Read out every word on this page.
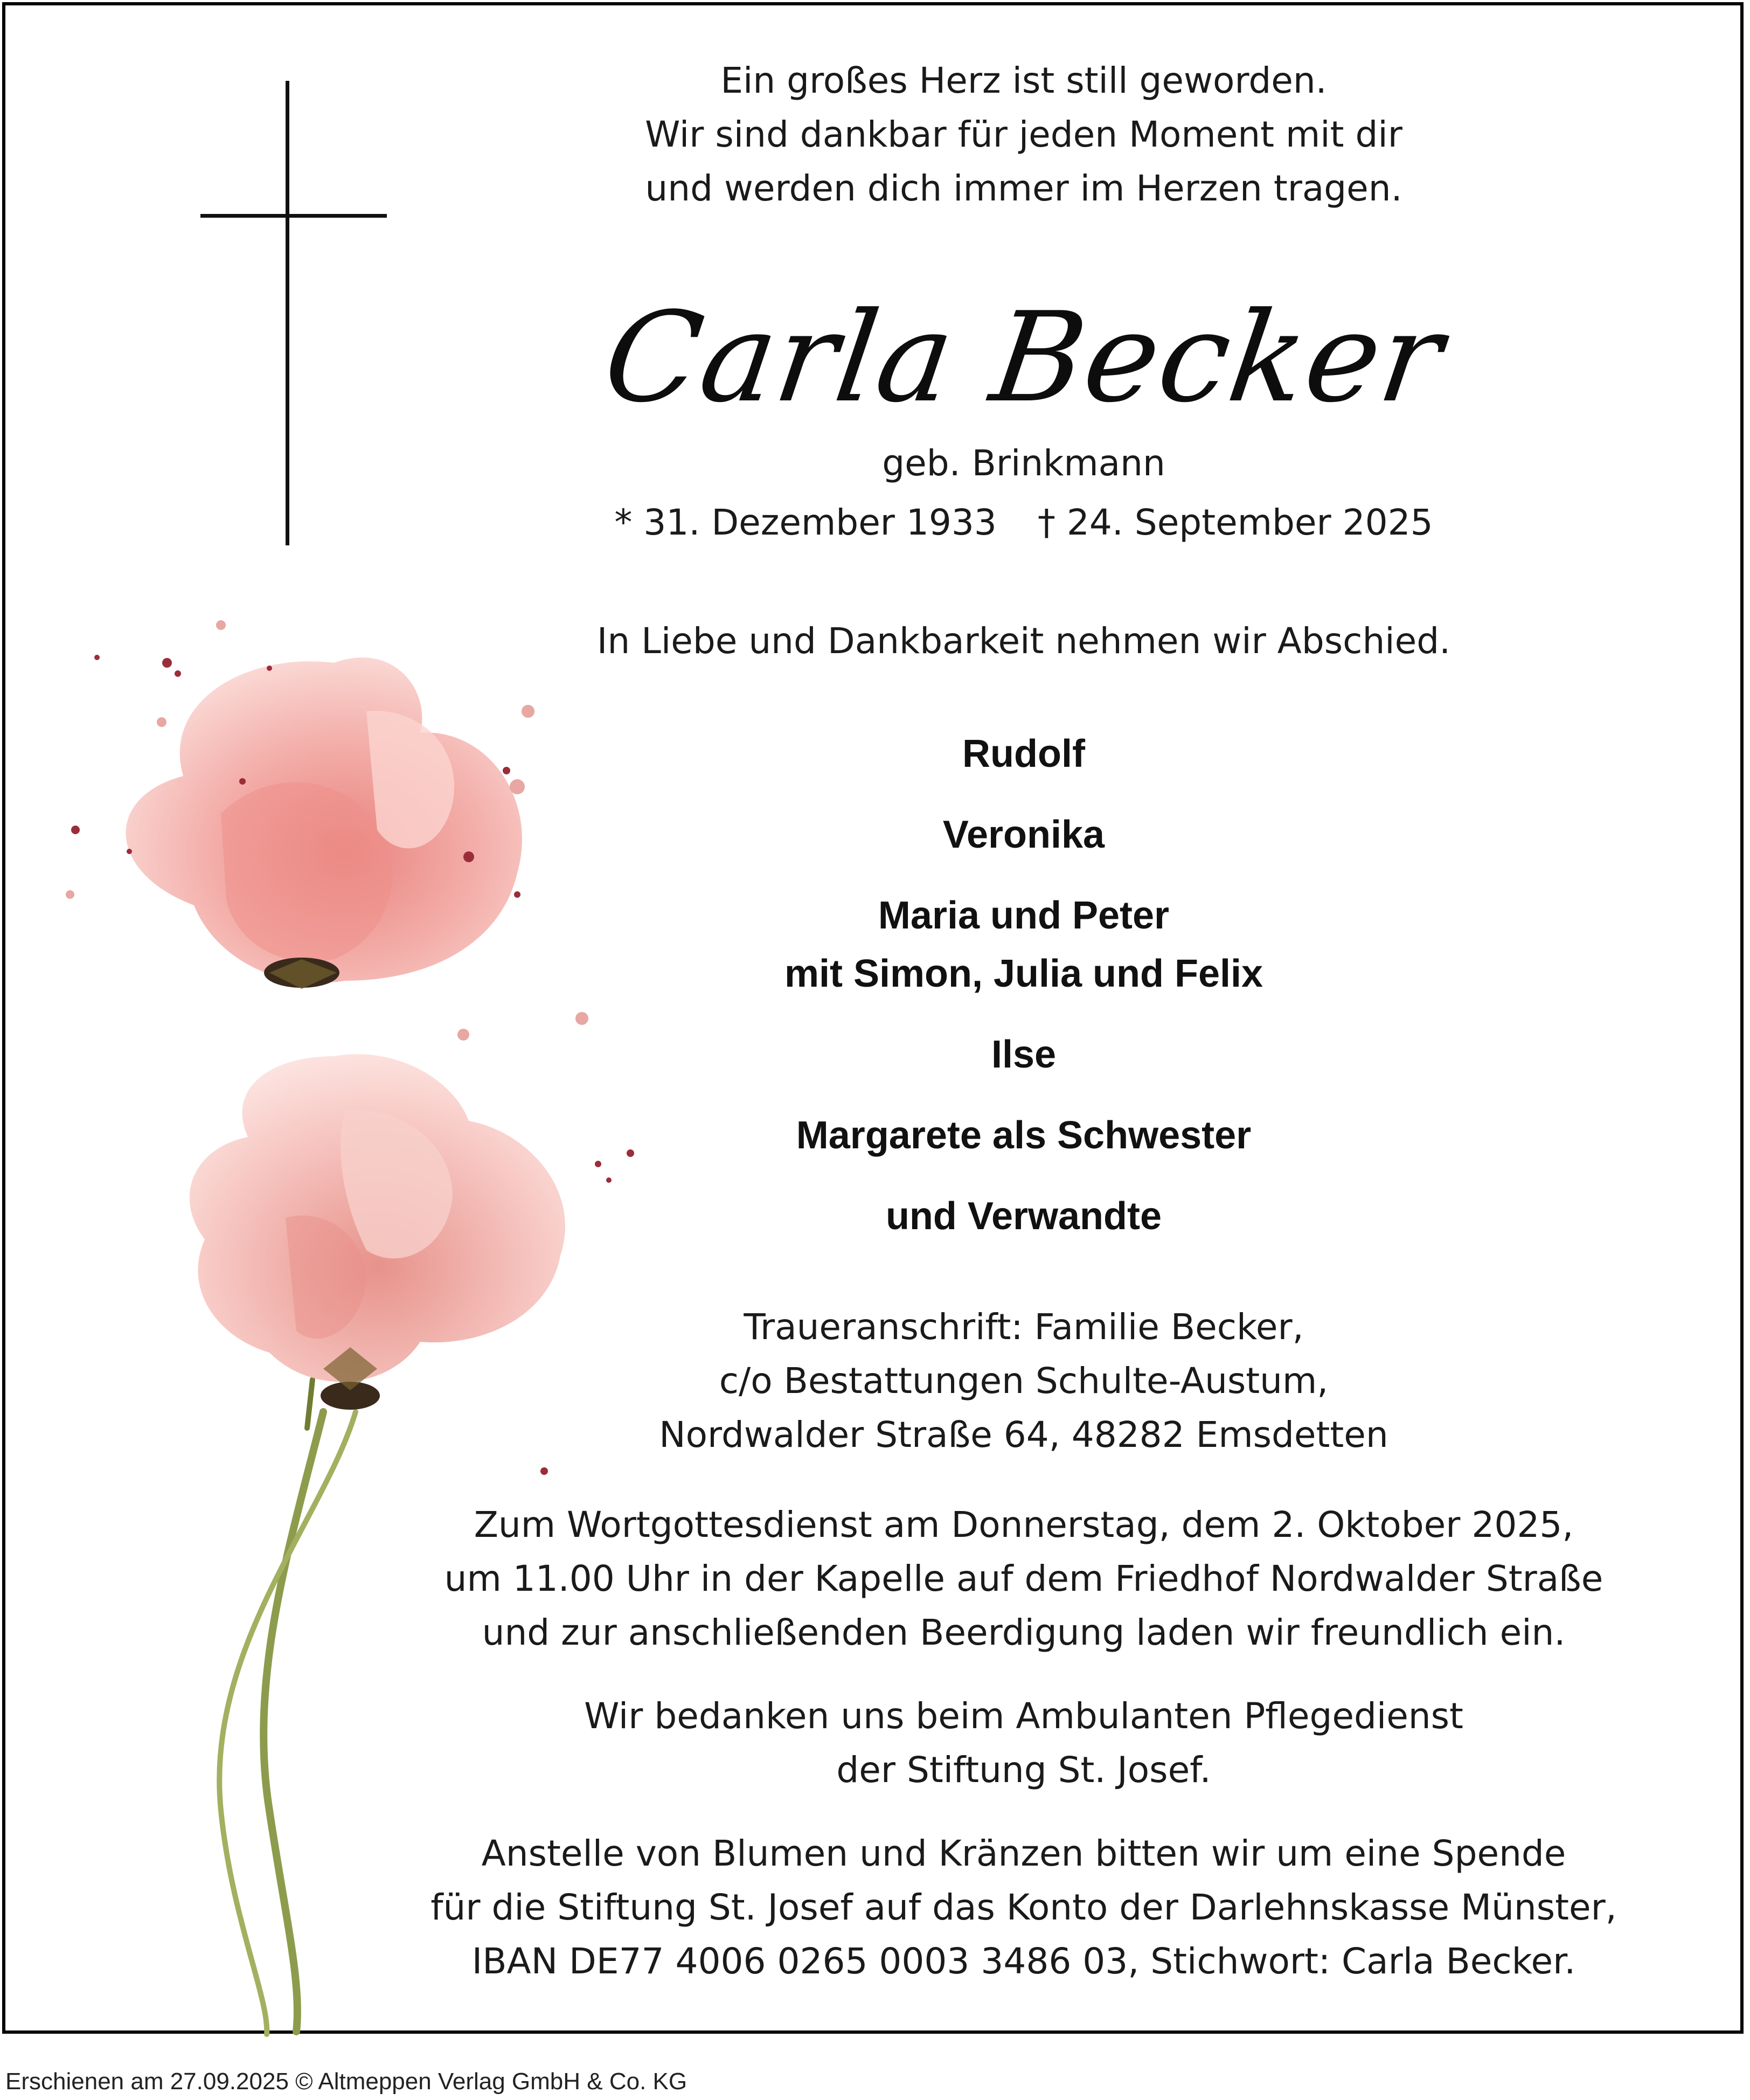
Ein großes Herz ist still geworden.
Wir sind dankbar für jeden Moment mit dir
und werden dich immer im Herzen tragen.
Carla Becker
geb. Brinkmann
* 31. Dezember 1933 † 24. September 2025
In Liebe und Dankbarkeit nehmen wir Abschied.
Rudolf
Veronika
Maria und Peter
mit Simon, Julia und Felix
Ilse
Margarete als Schwester
und Verwandte
Traueranschrift: Familie Becker,
c/o Bestattungen Schulte-Austum,
Nordwalder Straße 64, 48282 Emsdetten
Zum Wortgottesdienst am Donnerstag, dem 2. Oktober 2025,
um 11.00 Uhr in der Kapelle auf dem Friedhof Nordwalder Straße
und zur anschließenden Beerdigung laden wir freundlich ein.
Wir bedanken uns beim Ambulanten Pflegedienst
der Stiftung St. Josef.
Anstelle von Blumen und Kränzen bitten wir um eine Spende
für die Stiftung St. Josef auf das Konto der Darlehnskasse Münster,
IBAN DE77 4006 0265 0003 3486 03, Stichwort: Carla Becker.
Erschienen am 27.09.2025 © Altmeppen Verlag GmbH & Co. KG
